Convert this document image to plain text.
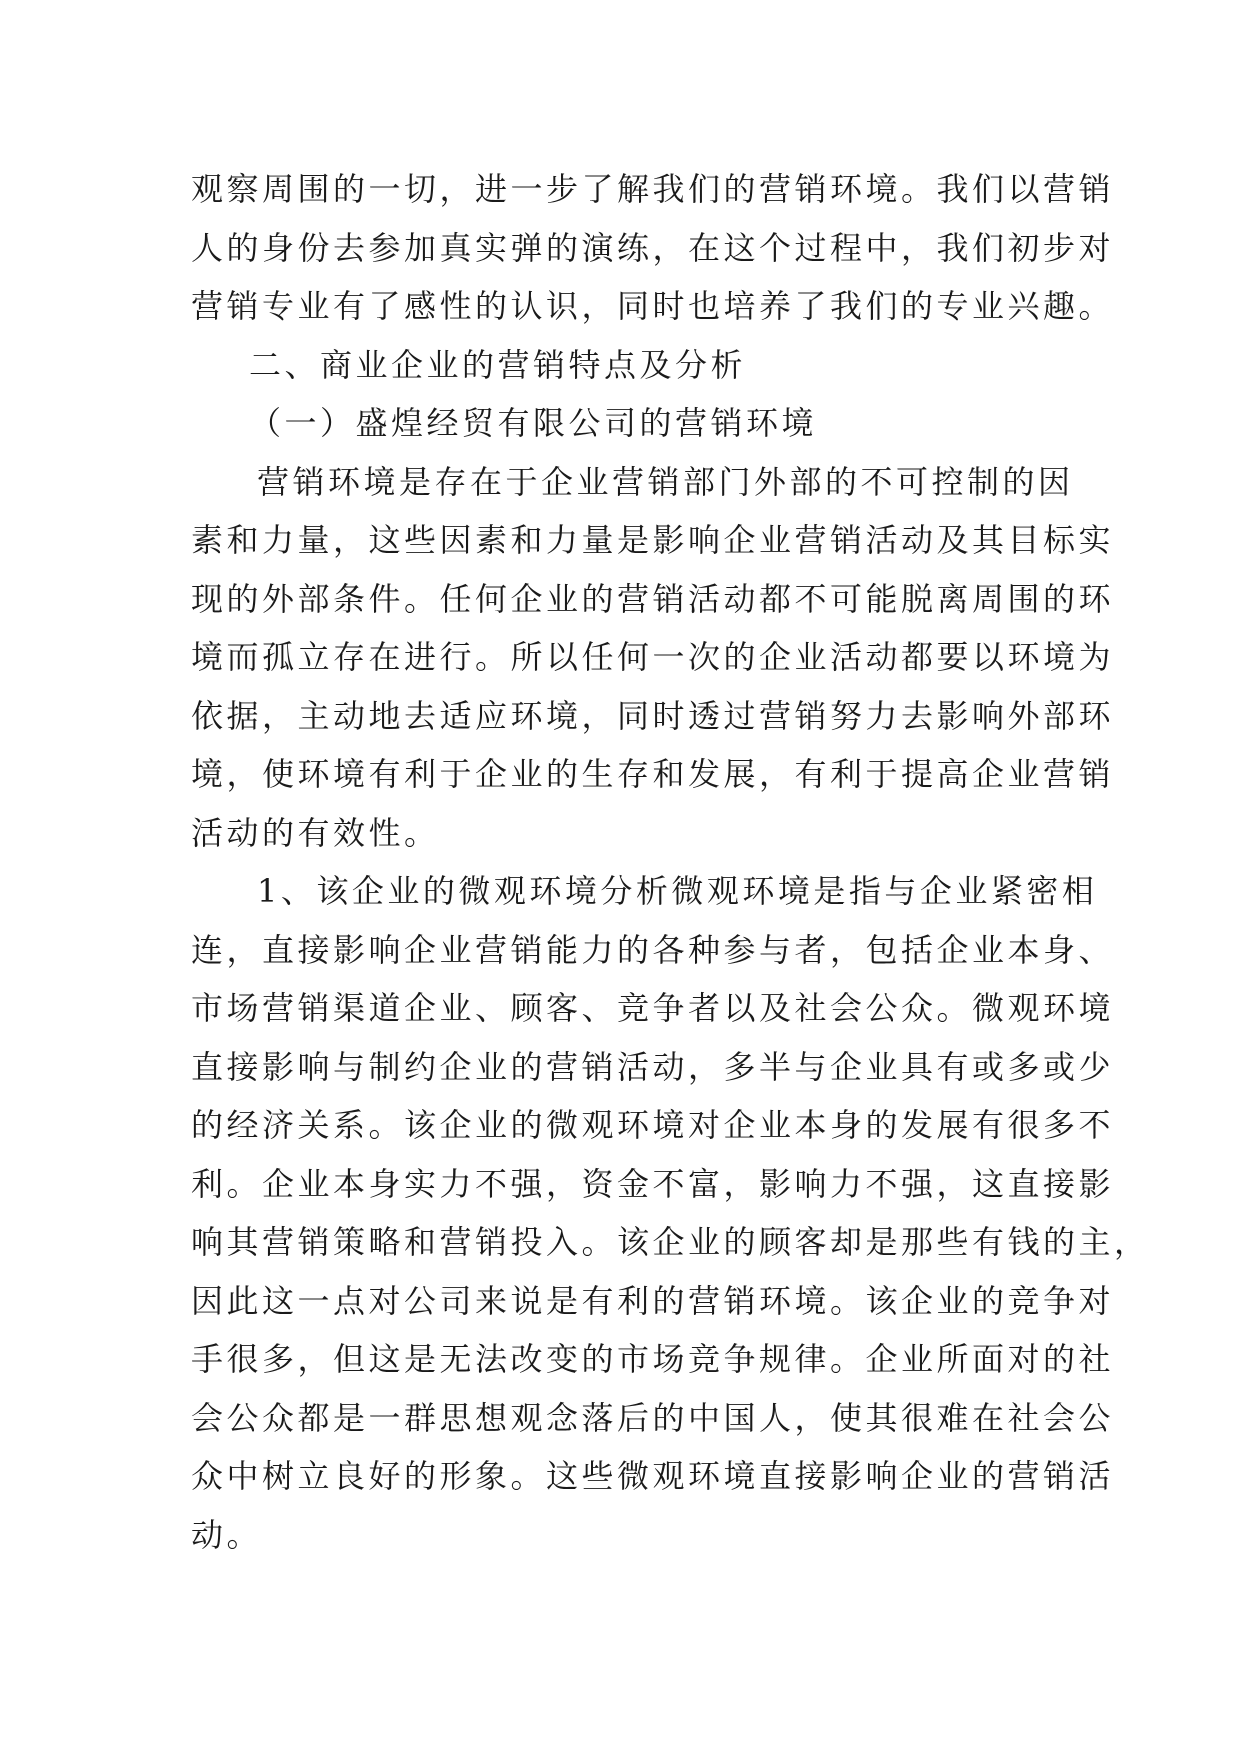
观察周围的一切，进一步了解我们的营销环境。我们以营销
人的身份去参加真实弹的演练，在这个过程中，我们初步对
营销专业有了感性的认识，同时也培养了我们的专业兴趣。
二、商业企业的营销特点及分析
（一）盛煌经贸有限公司的营销环境
营销环境是存在于企业营销部门外部的不可控制的因
素和力量，这些因素和力量是影响企业营销活动及其目标实
现的外部条件。任何企业的营销活动都不可能脱离周围的环
境而孤立存在进行。所以任何一次的企业活动都要以环境为
依据，主动地去适应环境，同时透过营销努力去影响外部环
境，使环境有利于企业的生存和发展，有利于提高企业营销
活动的有效性。
1、该企业的微观环境分析微观环境是指与企业紧密相
连，直接影响企业营销能力的各种参与者，包括企业本身、
市场营销渠道企业、顾客、竞争者以及社会公众。微观环境
直接影响与制约企业的营销活动，多半与企业具有或多或少
的经济关系。该企业的微观环境对企业本身的发展有很多不
利。企业本身实力不强，资金不富，影响力不强，这直接影
响其营销策略和营销投入。该企业的顾客却是那些有钱的主，
因此这一点对公司来说是有利的营销环境。该企业的竞争对
手很多，但这是无法改变的市场竞争规律。企业所面对的社
会公众都是一群思想观念落后的中国人，使其很难在社会公
众中树立良好的形象。这些微观环境直接影响企业的营销活
动。
